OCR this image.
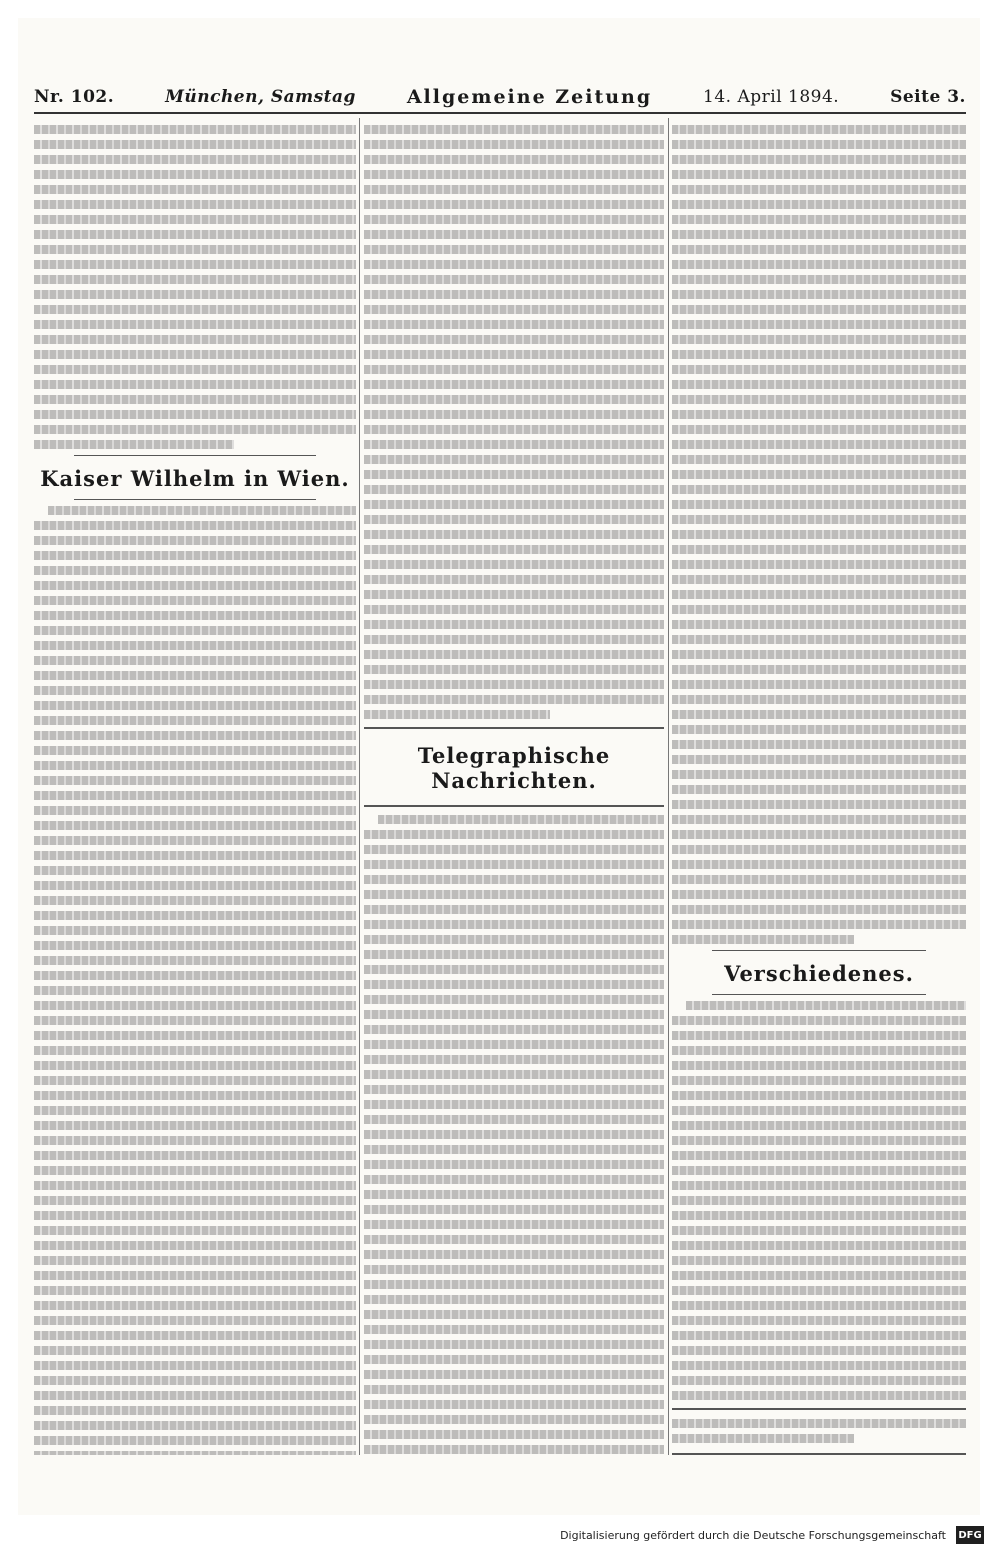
Nr. 102.	München, Samstag	Allgemeine Zeitung	14. April 1894.	Seite 3.
Kaiser Wilhelm in Wien.
Telegraphische Nachrichten.
Verschiedenes.
Digitalisierung gefördert durch die Deutsche Forschungsgemeinschaft DFG
